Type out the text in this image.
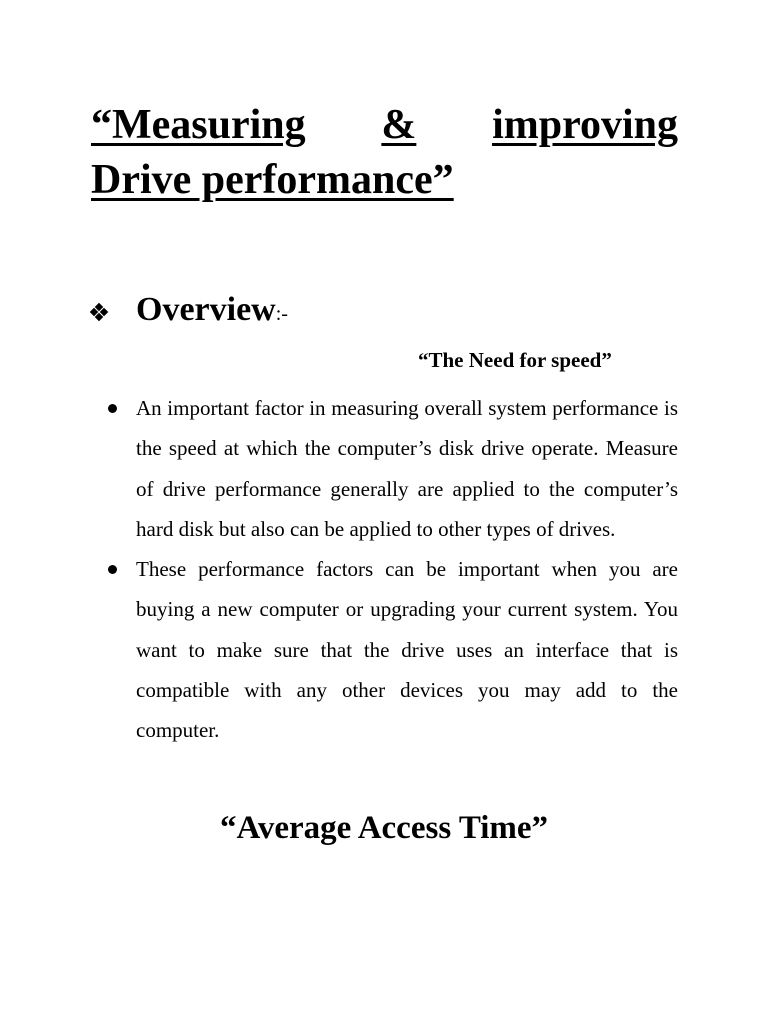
“Measuring & improving
Drive performance”
Overview :-

“The Need for speed”

An important factor in measuring overall system performance is the speed at which the computer’s disk drive operate. Measure of drive performance generally are applied to the computer’s hard disk but also can be applied to other types of drives.
These performance factors can be important when you are buying a new computer or upgrading your current system. You want to make sure that the drive uses an interface that is compatible with any other devices you may add to the computer.
“Average Access Time”
